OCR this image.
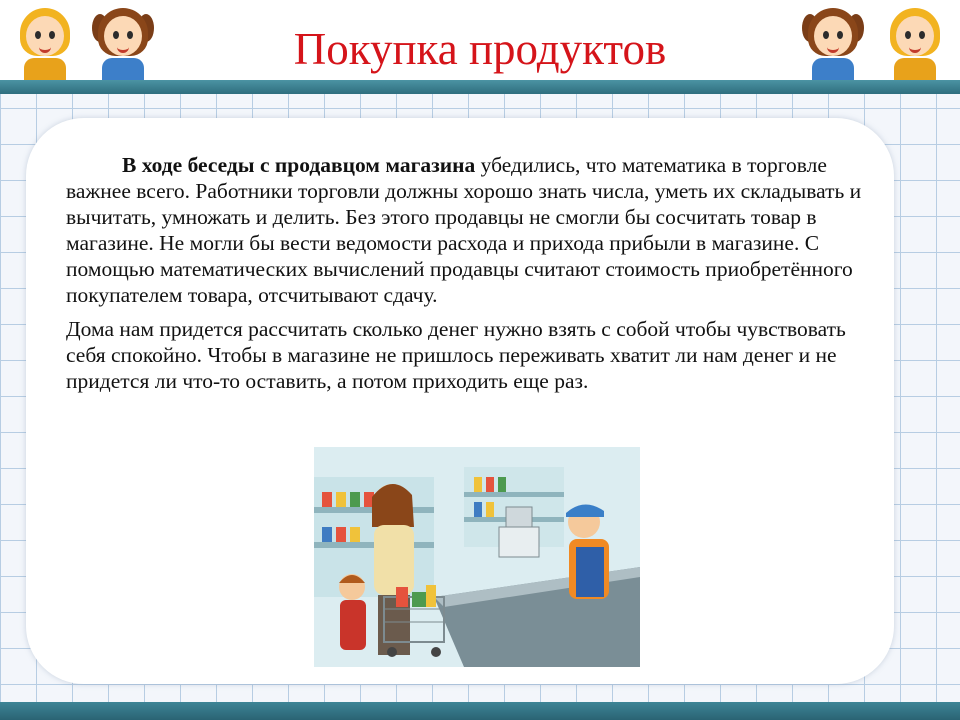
Покупка продуктов

В ходе беседы с продавцом магазина убедились, что математика в торговле важнее всего. Работники торговли должны хорошо знать числа, уметь их складывать и вычитать, умножать и делить. Без этого продавцы не смогли бы сосчитать товар в магазине. Не могли бы вести ведомости расхода и прихода прибыли в магазине. С помощью математических вычислений продавцы считают стоимость приобретённого покупателем товара, отсчитывают сдачу.

Дома нам придется рассчитать сколько денег нужно взять с собой чтобы чувствовать себя спокойно. Чтобы в магазине не пришлось переживать хватит ли нам денег и не придется ли что-то оставить, а потом приходить еще раз.
